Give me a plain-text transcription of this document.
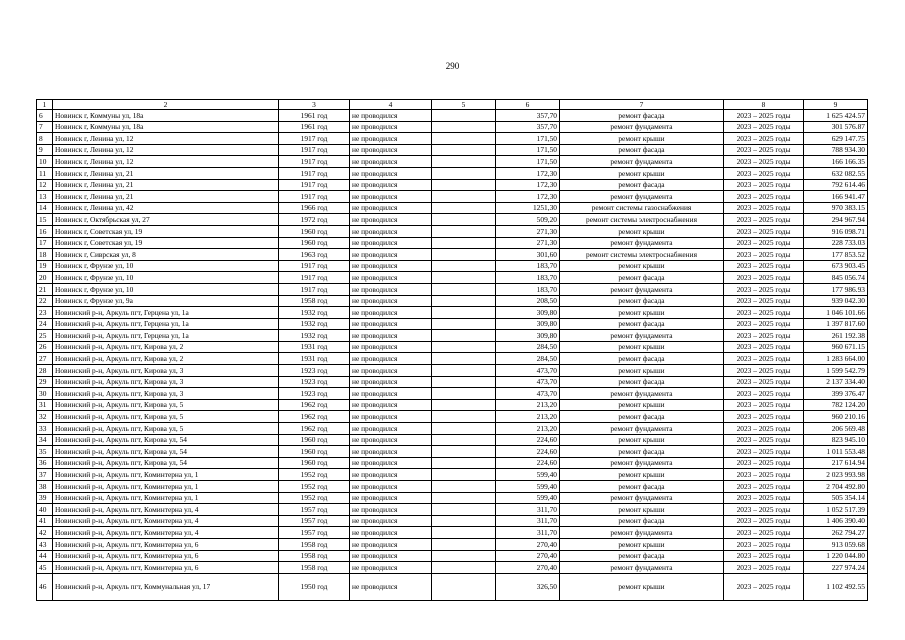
290
1	2	3	4	5	6	7	8	9
6	Новинск г, Коммуны ул, 18а	1961 год	не проводился		357,70	ремонт фасада	2023 – 2025 годы	1 625 424.57
7	Новинск г, Коммуны ул, 18а	1961 год	не проводился		357,70	ремонт фундамента	2023 – 2025 годы	301 576.87
8	Новинск г, Ленина ул, 12	1917 год	не проводился		171,50	ремонт крыши	2023 – 2025 годы	629 147.75
9	Новинск г, Ленина ул, 12	1917 год	не проводился		171,50	ремонт фасада	2023 – 2025 годы	788 934.30
10	Новинск г, Ленина ул, 12	1917 год	не проводился		171,50	ремонт фундамента	2023 – 2025 годы	166 166.35
11	Новинск г, Ленина ул, 21	1917 год	не проводился		172,30	ремонт крыши	2023 – 2025 годы	632 082.55
12	Новинск г, Ленина ул, 21	1917 год	не проводился		172,30	ремонт фасада	2023 – 2025 годы	792 614.46
13	Новинск г, Ленина ул, 21	1917 год	не проводился		172,30	ремонт фундамента	2023 – 2025 годы	166 941.47
14	Новинск г, Ленина ул, 42	1966 год	не проводился		1251,30	ремонт системы газоснабжения	2023 – 2025 годы	970 383.15
15	Новинск г, Октябрьская ул, 27	1972 год	не проводился		509,20	ремонт системы электроснабжения	2023 – 2025 годы	294 967.94
16	Новинск г, Советская ул, 19	1960 год	не проводился		271,30	ремонт крыши	2023 – 2025 годы	916 098.71
17	Новинск г, Советская ул, 19	1960 год	не проводился		271,30	ремонт фундамента	2023 – 2025 годы	228 733.03
18	Новинск г, Сиврская ул, 8	1963 год	не проводился		301,60	ремонт системы электроснабжения	2023 – 2025 годы	177 853.52
19	Новинск г, Фрунзе ул, 10	1917 год	не проводился		183,70	ремонт крыши	2023 – 2025 годы	673 903.45
20	Новинск г, Фрунзе ул, 10	1917 год	не проводился		183,70	ремонт фасада	2023 – 2025 годы	845 056.74
21	Новинск г, Фрунзе ул, 10	1917 год	не проводился		183,70	ремонт фундамента	2023 – 2025 годы	177 986.93
22	Новинск г, Фрунзе ул, 9а	1958 год	не проводился		208,50	ремонт фасада	2023 – 2025 годы	939 042.30
23	Новинский р-н, Аркуль пгт, Герцена ул, 1а	1932 год	не проводился		309,80	ремонт крыши	2023 – 2025 годы	1 046 101.66
24	Новинский р-н, Аркуль пгт, Герцена ул, 1а	1932 год	не проводился		309,80	ремонт фасада	2023 – 2025 годы	1 397 817.60
25	Новинский р-н, Аркуль пгт, Герцена ул, 1а	1932 год	не проводился		309,80	ремонт фундамента	2023 – 2025 годы	261 192.38
26	Новинский р-н, Аркуль пгт, Кирова ул, 2	1931 год	не проводился		284,50	ремонт крыши	2023 – 2025 годы	960 671.15
27	Новинский р-н, Аркуль пгт, Кирова ул, 2	1931 год	не проводился		284,50	ремонт фасада	2023 – 2025 годы	1 283 664.00
28	Новинский р-н, Аркуль пгт, Кирова ул, 3	1923 год	не проводился		473,70	ремонт крыши	2023 – 2025 годы	1 599 542.79
29	Новинский р-н, Аркуль пгт, Кирова ул, 3	1923 год	не проводился		473,70	ремонт фасада	2023 – 2025 годы	2 137 334.40
30	Новинский р-н, Аркуль пгт, Кирова ул, 3	1923 год	не проводился		473,70	ремонт фундамента	2023 – 2025 годы	399 376.47
31	Новинский р-н, Аркуль пгт, Кирова ул, 5	1962 год	не проводился		213,20	ремонт крыши	2023 – 2025 годы	782 124.20
32	Новинский р-н, Аркуль пгт, Кирова ул, 5	1962 год	не проводился		213,20	ремонт фасада	2023 – 2025 годы	960 210.16
33	Новинский р-н, Аркуль пгт, Кирова ул, 5	1962 год	не проводился		213,20	ремонт фундамента	2023 – 2025 годы	206 569.48
34	Новинский р-н, Аркуль пгт, Кирова ул, 54	1960 год	не проводился		224,60	ремонт крыши	2023 – 2025 годы	823 945.10
35	Новинский р-н, Аркуль пгт, Кирова ул, 54	1960 год	не проводился		224,60	ремонт фасада	2023 – 2025 годы	1 011 553.48
36	Новинский р-н, Аркуль пгт, Кирова ул, 54	1960 год	не проводился		224,60	ремонт фундамента	2023 – 2025 годы	217 614.94
37	Новинский р-н, Аркуль пгт, Коминтерна ул, 1	1952 год	не проводился		599,40	ремонт крыши	2023 – 2025 годы	2 023 993.98
38	Новинский р-н, Аркуль пгт, Коминтерна ул, 1	1952 год	не проводился		599,40	ремонт фасада	2023 – 2025 годы	2 704 492.80
39	Новинский р-н, Аркуль пгт, Коминтерна ул, 1	1952 год	не проводился		599,40	ремонт фундамента	2023 – 2025 годы	505 354.14
40	Новинский р-н, Аркуль пгт, Коминтерна ул, 4	1957 год	не проводился		311,70	ремонт крыши	2023 – 2025 годы	1 052 517.39
41	Новинский р-н, Аркуль пгт, Коминтерна ул, 4	1957 год	не проводился		311,70	ремонт фасада	2023 – 2025 годы	1 406 390.40
42	Новинский р-н, Аркуль пгт, Коминтерна ул, 4	1957 год	не проводился		311,70	ремонт фундамента	2023 – 2025 годы	262 794.27
43	Новинский р-н, Аркуль пгт, Коминтерна ул, 6	1958 год	не проводился		270,40	ремонт крыши	2023 – 2025 годы	913 059.68
44	Новинский р-н, Аркуль пгт, Коминтерна ул, 6	1958 год	не проводился		270,40	ремонт фасада	2023 – 2025 годы	1 220 044.80
45	Новинский р-н, Аркуль пгт, Коминтерна ул, 6	1958 год	не проводился		270,40	ремонт фундамента	2023 – 2025 годы	227 974.24
46	Новинский р-н, Аркуль пгт, Коммунальная ул, 17	1950 год	не проводился		326,50	ремонт крыши	2023 – 2025 годы	1 102 492.55
